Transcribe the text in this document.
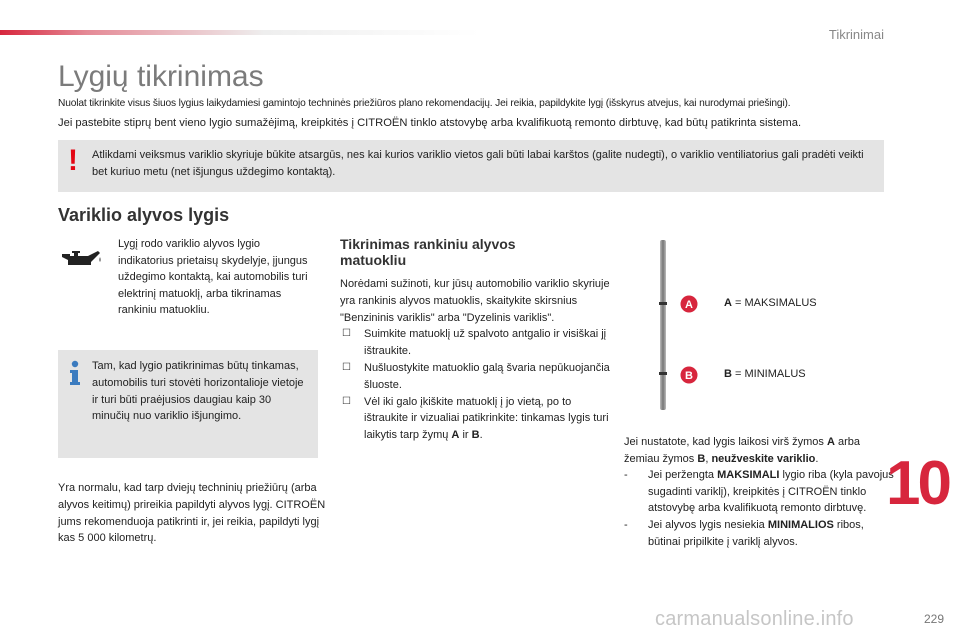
Tikrinimai
Lygių tikrinimas
Nuolat tikrinkite visus šiuos lygius laikydamiesi gamintojo techninės priežiūros plano rekomendacijų. Jei reikia, papildykite lygį (išskyrus atvejus, kai nurodymai priešingi).
Jei pastebite stiprų bent vieno lygio sumažėjimą, kreipkitės į CITROËN tinklo atstovybę arba kvalifikuotą remonto dirbtuvę, kad būtų patikrinta sistema.
! Atlikdami veiksmus variklio skyriuje būkite atsargūs, nes kai kurios variklio vietos gali būti labai karštos (galite nudegti), o variklio ventiliatorius gali pradėti veikti bet kuriuo metu (net išjungus uždegimo kontaktą).
Variklio alyvos lygis
Lygį rodo variklio alyvos lygio indikatorius prietaisų skydelyje, įjungus uždegimo kontaktą, kai automobilis turi elektrinį matuoklį, arba tikrinamas rankiniu matuokliu.
Tam, kad lygio patikrinimas būtų tinkamas, automobilis turi stovėti horizontalioje vietoje ir turi būti praėjusios daugiau kaip 30 minučių nuo variklio išjungimo.
Yra normalu, kad tarp dviejų techninių priežiūrų (arba alyvos keitimų) prireikia papildyti alyvos lygį. CITROËN jums rekomenduoja patikrinti ir, jei reikia, papildyti lygį kas 5 000 kilometrų.
Tikrinimas rankiniu alyvos matuokliu

Norėdami sužinoti, kur jūsų automobilio variklio skyriuje yra rankinis alyvos matuoklis, skaitykite skirsnius "Benzininis variklis" arba "Dyzelinis variklis".

☐ Suimkite matuoklį už spalvoto antgalio ir visiškai jį ištraukite.
☐ Nušluostykite matuoklio galą švaria nepūkuojančia šluoste.
☐ Vėl iki galo įkiškite matuoklį į jo vietą, po to ištraukite ir vizualiai patikrinkite: tinkamas lygis turi laikytis tarp žymų A ir B.
A
B
A = MAKSIMALUS
B = MINIMALUS

Jei nustatote, kad lygis laikosi virš žymos A arba žemiau žymos B, neužveskite variklio.

- Jei peržengta MAKSIMALI lygio riba (kyla pavojus sugadinti variklį), kreipkitės į CITROËN tinklo atstovybę arba kvalifikuotą remonto dirbtuvę.
- Jei alyvos lygis nesiekia MINIMALIOS ribos, būtinai pripilkite į variklį alyvos.
10
carmanualsonline.info	229
